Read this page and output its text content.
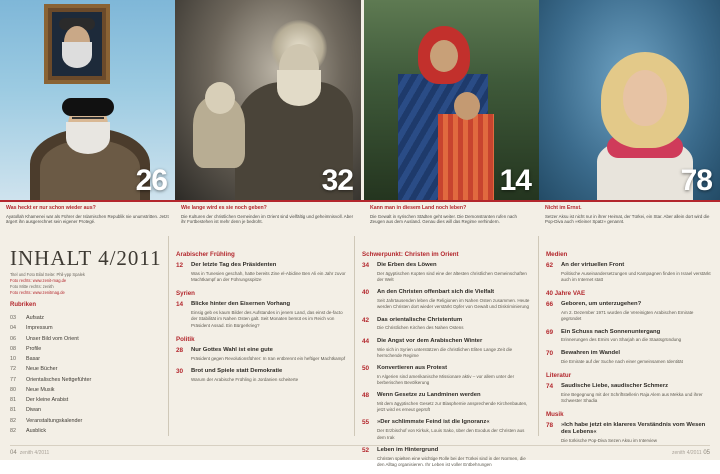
26	32	14	78
Was heckt er nur schon wieder aus?
Ayatollah Khamenei war als Führer der Islamischen Republik nie unumstritten. Jetzt ärgert ihn ausgerechnet sein eigener Protegé.
Wie lange wird es sie noch geben?
Die Kulturen der christlichen Gemeinden im Orient sind vielfältig und geheimnisvoll. Aber ihr Fortbestehen ist mehr denn je bedroht.
Kann man in diesem Land noch leben?
Die Gewalt in syrischen Städten geht weiter. Die Demonstranten rufen nach Zeugen aus dem Ausland. Genau dies will das Regime verhindern.
Nicht im Ernst.
Setzer Aksu ist nicht nur in ihrer Heimat, der Türkei, ein Star. Aber allein dort wird die Pop-Diva auch »Kleiner Spatz« genannt.
INHALT 4/2011
Titel und Foto Bilal Seite: Phil-ypp Spalek
Foto rechts: www.zenit-mag.de
Foto Mitte rechts: zenith
Foto rechts: www.zenitmag.de
Rubriken
03	Aufsatz
04	Impressum
06	Unser Bild vom Orient
08	Profile
10	Basar
72	Neue Bücher
77	Orientalisches Nettgefühter
80	Neue Musik
81	Der kleine Arabist
81	Diwan
82	Veranstaltungskalender
82	Ausblick
Arabischer Frühling
12	Der letzte Tag des Präsidenten
Was in Tunesien geschah, hatte bereits Zine el-Abidine Ben Ali ein Jahr zuvor Machtkampf an der Führungsspitze
Syrien
14	Blicke hinter den Eisernen Vorhang
Einsig geb es kaum Bilder des Aufstandes in jenem Land, das einst de-facto der Stabilität im Nahen Osten galt. Seit Monaten bemüt es im Reich von Präsident Assad. Ein Bürgerkrieg?
Politik
28	Nur Gottes Wahl ist eine gute
Präsident gegen Revolutionsführer: In Iran entbrennt ein heftiger Machtkampf
30	Brot und Spiele statt Demokratie
Warum der Arabische Frühling in Jordanien scheiterte
Schwerpunkt: Christen im Orient
34	Die Erben des Löwen
Der ägyptischen Kopten sind eine der ältesten christlichen Gemeinschaften der Welt
40	An den Christen offenbart sich die Vielfalt
Seit Jahrtausenden leben die Religionen im Nahen Osten zusammen. Heute werden Christen dort wieder verstärkt Opfer von Gewalt und Diskriminierung
42	Das orientalische Christentum
Die Christlichen Kirchen des Nahen Ostens
44	Die Angst vor dem Arabischen Winter
Wie sich in Syrien unterstützen die christlichen Eliten Lange Zeit die herrschende Regime
50	Konvertieren aus Protest
In Algerien sind amerikanische Missionare aktiv – vor allem unter der berberischen Bevölkerung
48	Wenn Gesetze zu Landminen werden
Mit dem ägyptischen Gesetz zur Blasphemie ansprechende Kirchenbauten, jetzt wird es erneut geprüft
55	»Der schlimmste Feind ist die Ignoranz«
Der Erzbischof von Kirkuk, Louis Sako, über den Exodus der Christen aus dem Irak
52	Leben im Hintergrund
Christen spielten eine wichtige Rolle bei der Türkei sind in der Normen, die den Alltag organisieren. Ihr Leben ist voller Entbehrungen
Medien
62	An der virtuellen Front
Politische Auseinandersetzungen und Kampagnen finden in Israel verstärkt auch im Internet statt
40 Jahre VAE
66	Geboren, um unterzugehen?
Am 2. Dezember 1971 wurden die Vereinigten Arabischen Emirate gegründet
69	Ein Schuss nach Sonnenuntergang
Erinnerungen des Emirs von Sharjah an die Staatsgründung
70	Bewahren im Wandel
Die Emirate auf der Suche nach einer gemeinsamen Identität
Literatur
74	Saudische Liebe, saudischer Schmerz
Eine Begegnung mit der Schriftstellerin Raja Alem aus Mekka und ihrer Schwester Shadia
Musik
78	»Ich habe jetzt ein klareres Verständnis vom Wesen des Lebens«
Die türkische Pop-Diva Sezen Aksu im Interview
04 zenith 4/2011	zenith 4/2011 05
